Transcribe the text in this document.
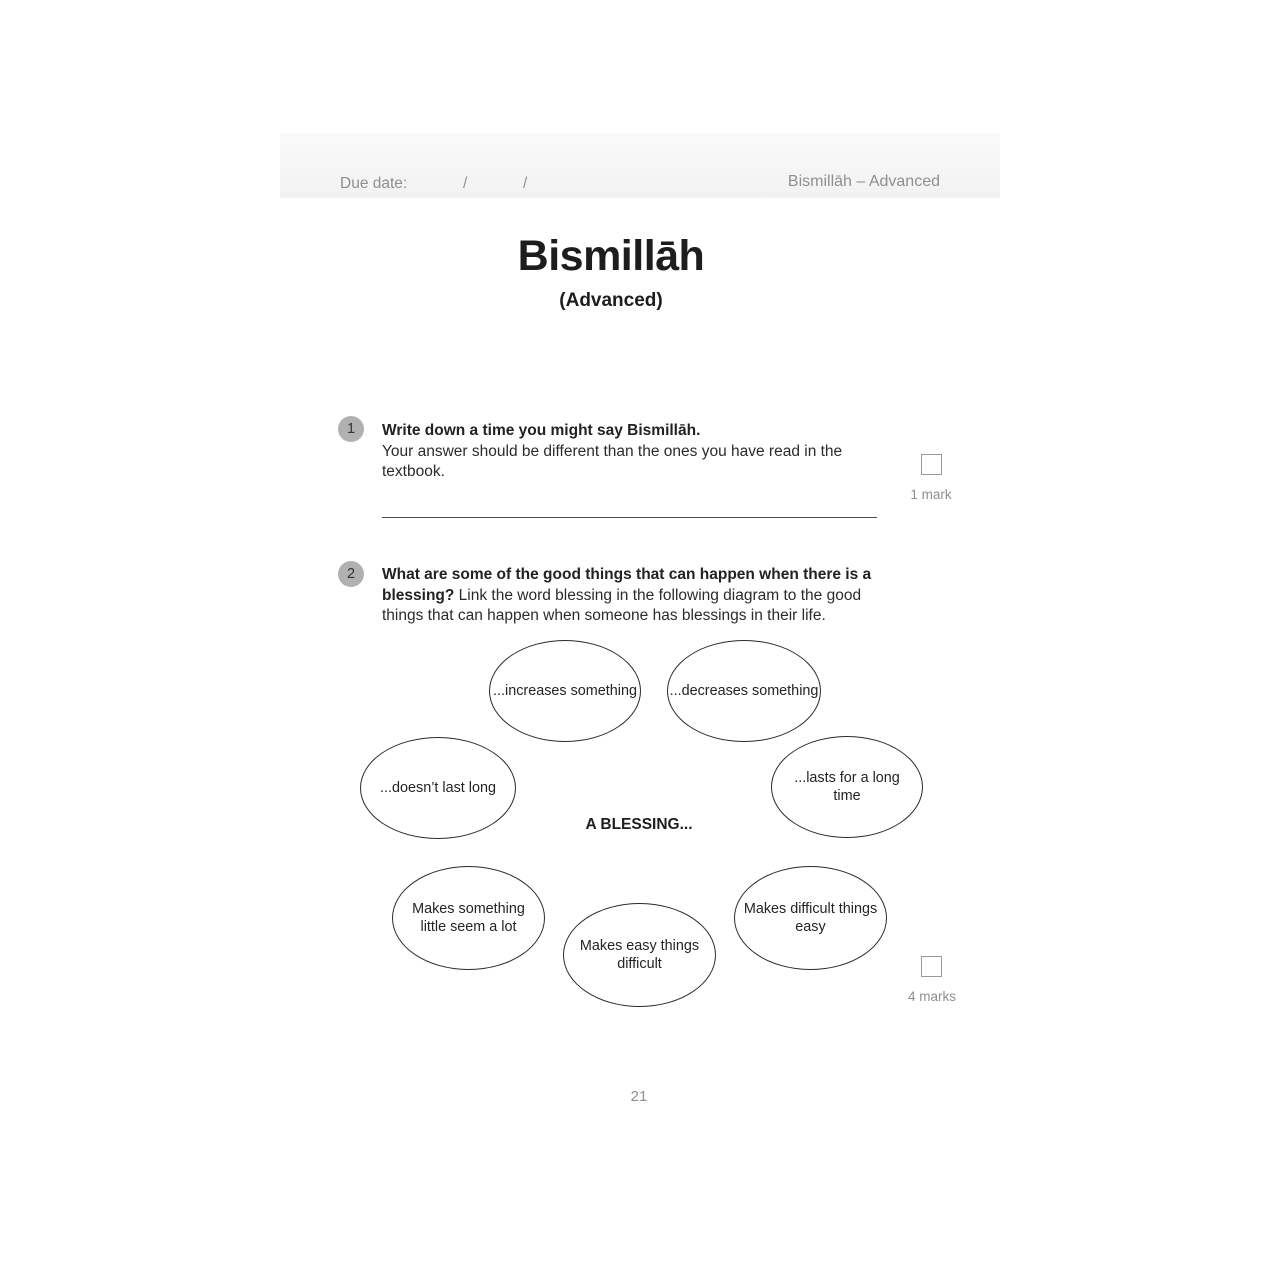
Due date:	/	/	Bismillāh – Advanced
Bismillāh
(Advanced)
1 Write down a time you might say Bismillāh.
Your answer should be different than the ones you have read in the textbook.
1 mark
2 What are some of the good things that can happen when there is a blessing? Link the word blessing in the following diagram to the good things that can happen when someone has blessings in their life.
4 marks
...increases something ...decreases something
...doesn’t last long
...lasts for a long time
A BLESSING...
Makes something little seem a lot
Makes easy things difficult
Makes difficult things easy
21
